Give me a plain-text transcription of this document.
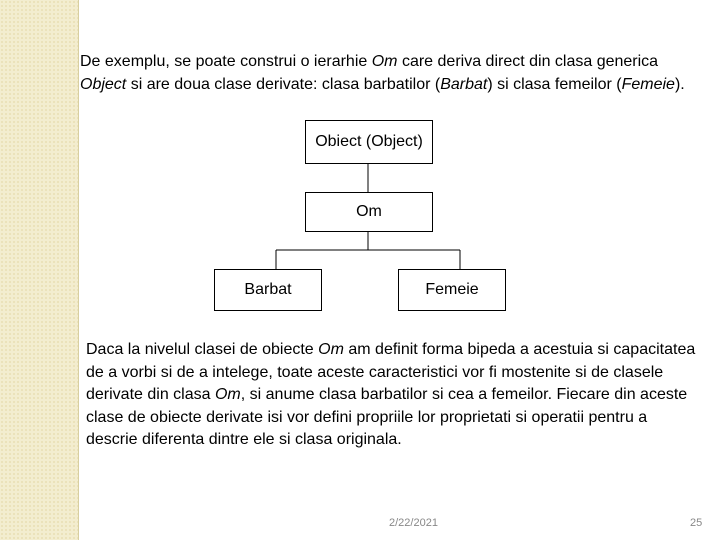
De exemplu, se poate construi o ierarhie Om care deriva direct din clasa generica Object si are doua clase derivate: clasa barbatilor (Barbat) si clasa femeilor (Femeie).

Obiect (Object)
Om
Barbat	Femeie

Daca la nivelul clasei de obiecte Om am definit forma bipeda a acestuia si capacitatea de a vorbi si de a intelege, toate aceste caracteristici vor fi mostenite si de clasele derivate din clasa Om, si anume clasa barbatilor si cea a femeilor. Fiecare din aceste clase de obiecte derivate isi vor defini propriile lor proprietati si operatii pentru a descrie diferenta dintre ele si clasa originala.

2/22/2021	25
